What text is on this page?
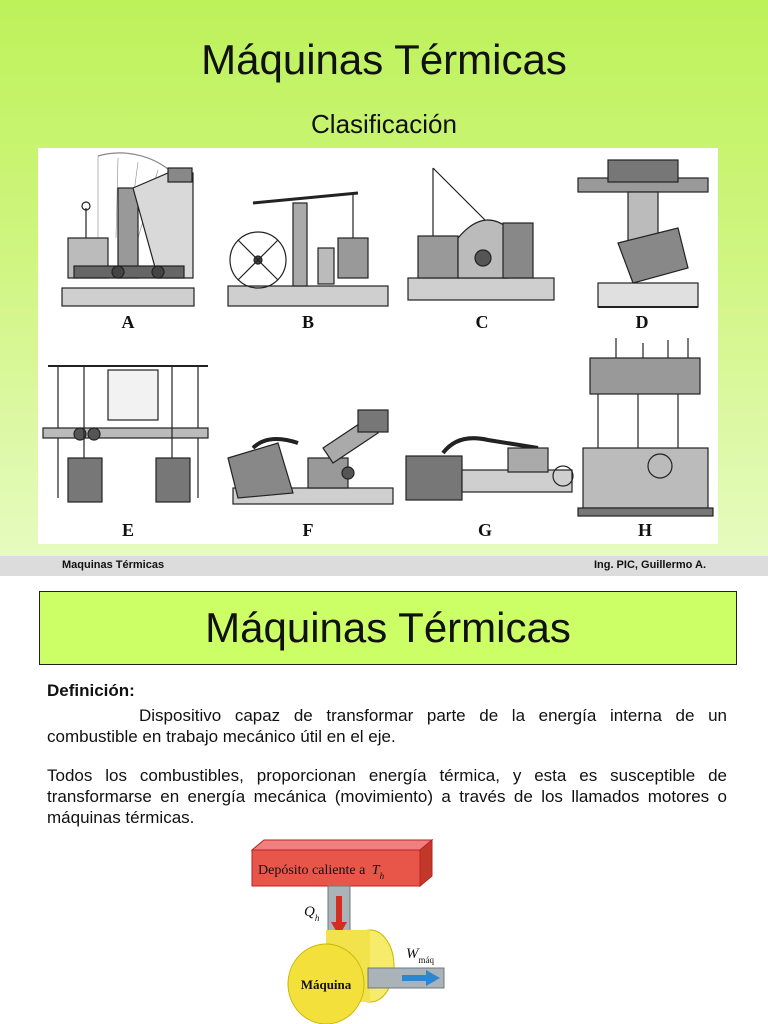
Máquinas Térmicas
Clasificación
A	B	C	D
E	F	G	H
Maquinas Térmicas	Ing. PIC, Guillermo A.
Máquinas Térmicas
Definición:
Dispositivo capaz de transformar parte de la energía interna de un combustible en trabajo mecánico útil en el eje.
Todos los combustibles, proporcionan energía térmica, y esta es susceptible de transformarse en energía mecánica (movimiento) a través de los llamados motores o máquinas térmicas.
Depósito caliente a $T_h$
$Q_h$
Máquina
$W_{máq}$
